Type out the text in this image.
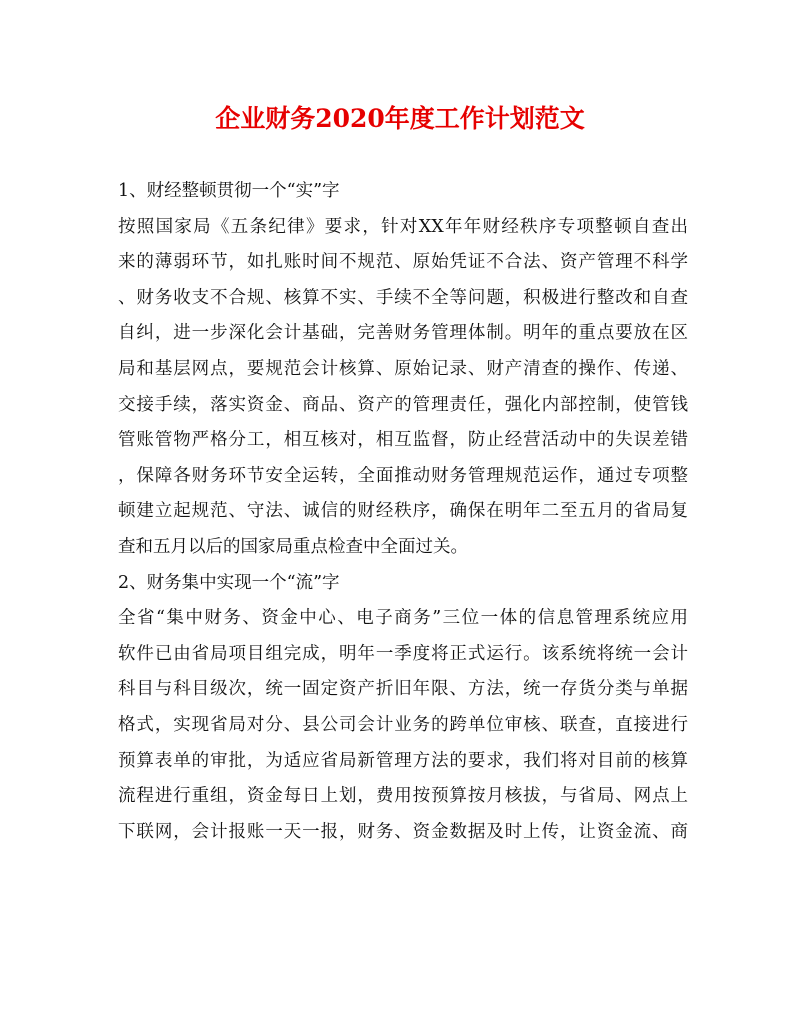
企业财务2020年度工作计划范文
1、财经整顿贯彻一个“实”字
按照国家局《五条纪律》要求，针对XX年年财经秩序专项整顿自查出
来的薄弱环节，如扎账时间不规范、原始凭证不合法、资产管理不科学
、财务收支不合规、核算不实、手续不全等问题，积极进行整改和自查
自纠，进一步深化会计基础，完善财务管理体制。明年的重点要放在区
局和基层网点，要规范会计核算、原始记录、财产清查的操作、传递、
交接手续，落实资金、商品、资产的管理责任，强化内部控制，使管钱
管账管物严格分工，相互核对，相互监督，防止经营活动中的失误差错
，保障各财务环节安全运转，全面推动财务管理规范运作，通过专项整
顿建立起规范、守法、诚信的财经秩序，确保在明年二至五月的省局复
查和五月以后的国家局重点检查中全面过关。
2、财务集中实现一个“流”字
全省“集中财务、资金中心、电子商务”三位一体的信息管理系统应用
软件已由省局项目组完成，明年一季度将正式运行。该系统将统一会计
科目与科目级次，统一固定资产折旧年限、方法，统一存货分类与单据
格式，实现省局对分、县公司会计业务的跨单位审核、联查，直接进行
预算表单的审批，为适应省局新管理方法的要求，我们将对目前的核算
流程进行重组，资金每日上划，费用按预算按月核拔，与省局、网点上
下联网，会计报账一天一报，财务、资金数据及时上传，让资金流、商
